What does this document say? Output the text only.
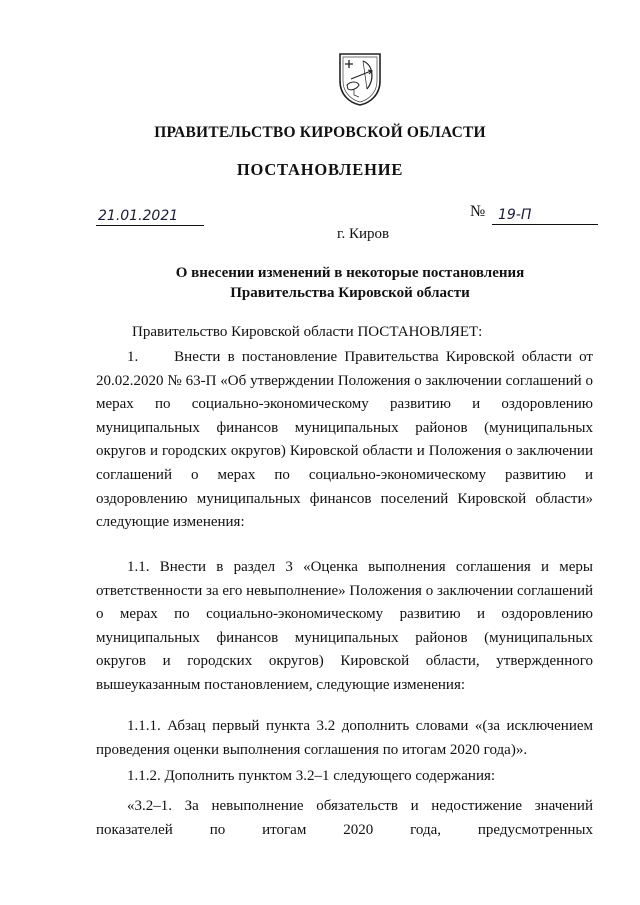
ПРАВИТЕЛЬСТВО КИРОВСКОЙ ОБЛАСТИ
ПОСТАНОВЛЕНИЕ
21.01.2021	№ 19-П
г. Киров
О внесении изменений в некоторые постановления
Правительства Кировской области
Правительство Кировской области ПОСТАНОВЛЯЕТ:
1.     Внести в постановление Правительства Кировской области от 20.02.2020 № 63-П «Об утверждении Положения о заключении соглашений о мерах по социально-экономическому развитию и оздоровлению муниципальных финансов муниципальных районов (муниципальных округов и городских округов) Кировской области и Положения о заключении соглашений о мерах по социально-экономическому развитию и оздоровлению муниципальных финансов поселений Кировской области» следующие изменения:
1.1. Внести в раздел 3 «Оценка выполнения соглашения и меры ответственности за его невыполнение» Положения о заключении соглашений о мерах по социально-экономическому развитию и оздоровлению муниципальных финансов муниципальных районов (муниципальных округов и городских округов) Кировской области, утвержденного вышеуказанным постановлением, следующие изменения:
1.1.1. Абзац первый пункта 3.2 дополнить словами «(за исключением проведения оценки выполнения соглашения по итогам 2020 года)».
1.1.2. Дополнить пунктом 3.2–1 следующего содержания:
«3.2–1. За невыполнение обязательств и недостижение значений показателей по итогам 2020 года, предусмотренных
